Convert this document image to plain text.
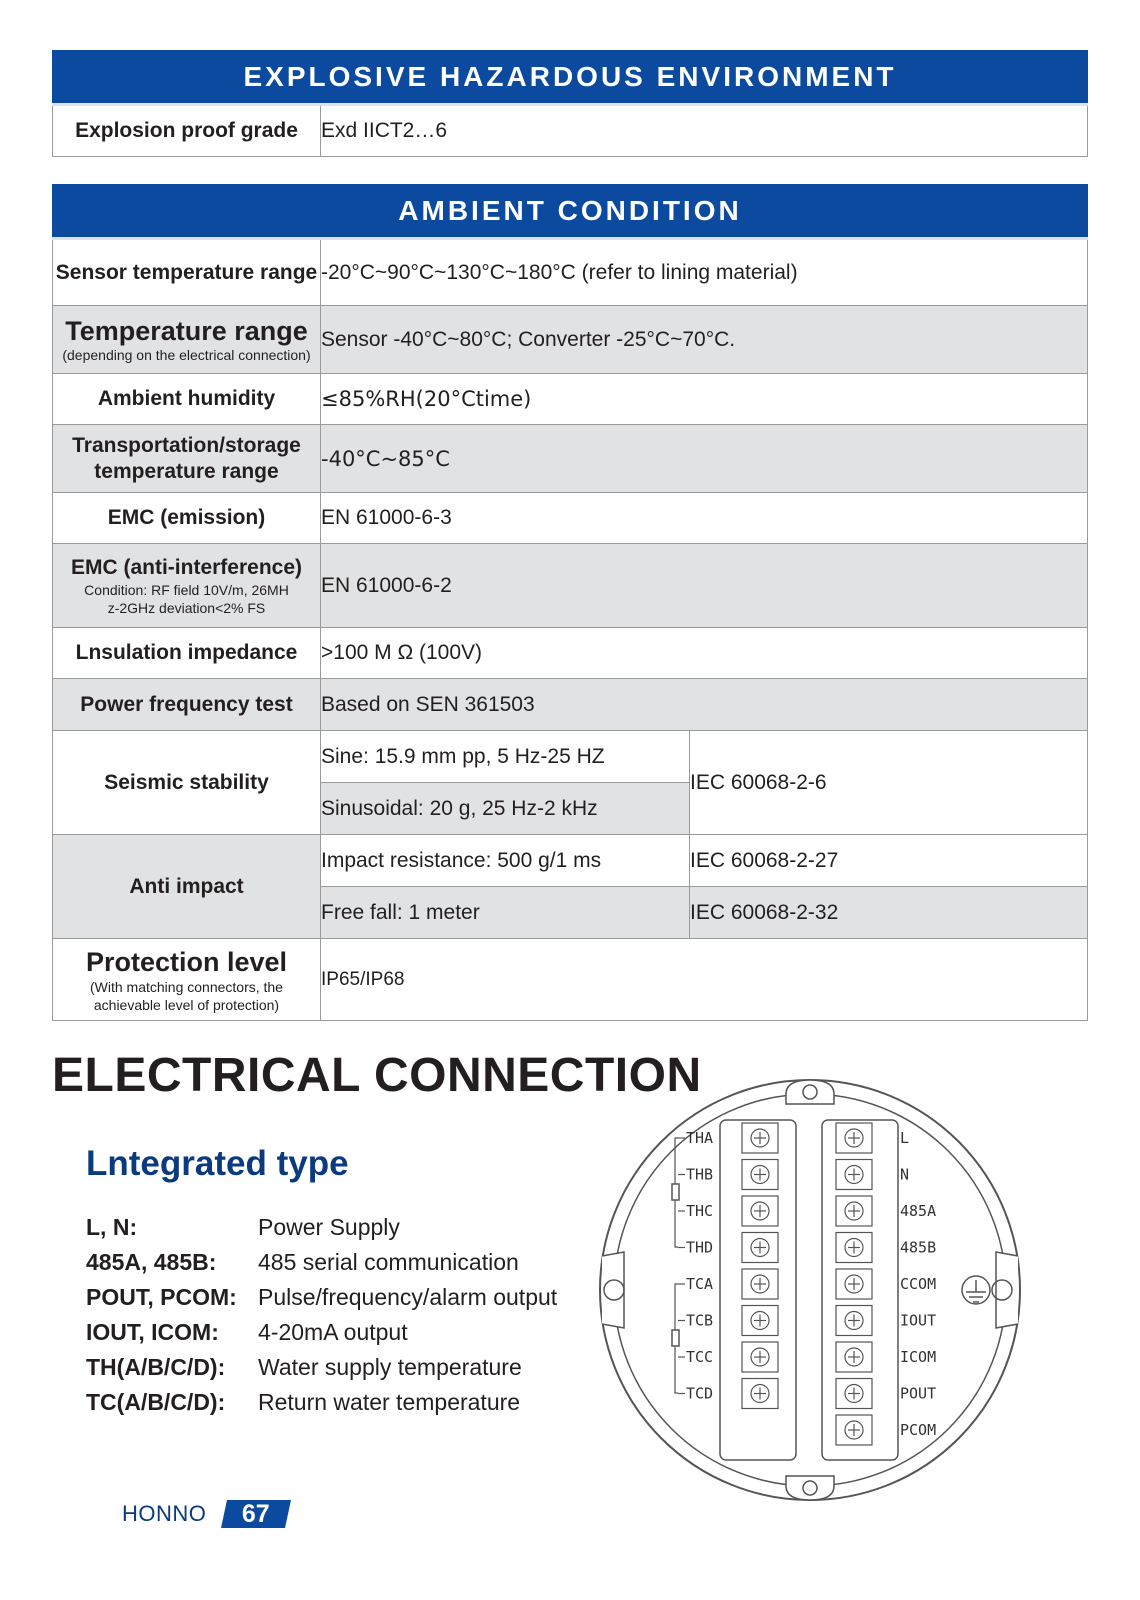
EXPLOSIVE HAZARDOUS ENVIRONMENT
Explosion proof grade	Exd IICT2…6
AMBIENT CONDITION		
Sensor temperature range	-20°C~90°C~130°C~180°C (refer to lining material)	

Temperature range
(depending on the electrical connection)	Sensor -40°C~80°C; Converter -25°C~70°C.	
Ambient humidity	≤85%RH(20°Ctime)	

Transportation/storage
temperature range	-40°C~85°C	
EMC (emission)	EN 61000-6-3	

EMC (anti-interference)
Condition: RF field 10V/m, 26MH
z-2GHz deviation<2% FS	EN 61000-6-2	
Lnsulation impedance	>100 M Ω (100V)	
Power frequency test	Based on SEN 361503	
Seismic stability	Sine: 15.9 mm pp, 5 Hz-25 HZ	IEC 60068-2-6
	Sinusoidal: 20 g, 25 Hz-2 kHz	
Anti impact	Impact resistance: 500 g/1 ms	IEC 60068-2-27
	Free fall: 1 meter	IEC 60068-2-32

Protection level
(With matching connectors, the
achievable level of protection)	IP65/IP68	
ELECTRICAL CONNECTION
Lntegrated type
L, N:	Power Supply
485A, 485B:	485 serial communication
POUT, PCOM: Pulse/frequency/alarm output
IOUT, ICOM:	4-20mA output
TH(A/B/C/D):	Water supply temperature
TC(A/B/C/D):	Return water temperature
THA
THB
THC
THD
TCA
TCB
TCC
TCD
L
N
485A
485B
CCOM
IOUT
ICOM
POUT
PCOM
HONNO 67
